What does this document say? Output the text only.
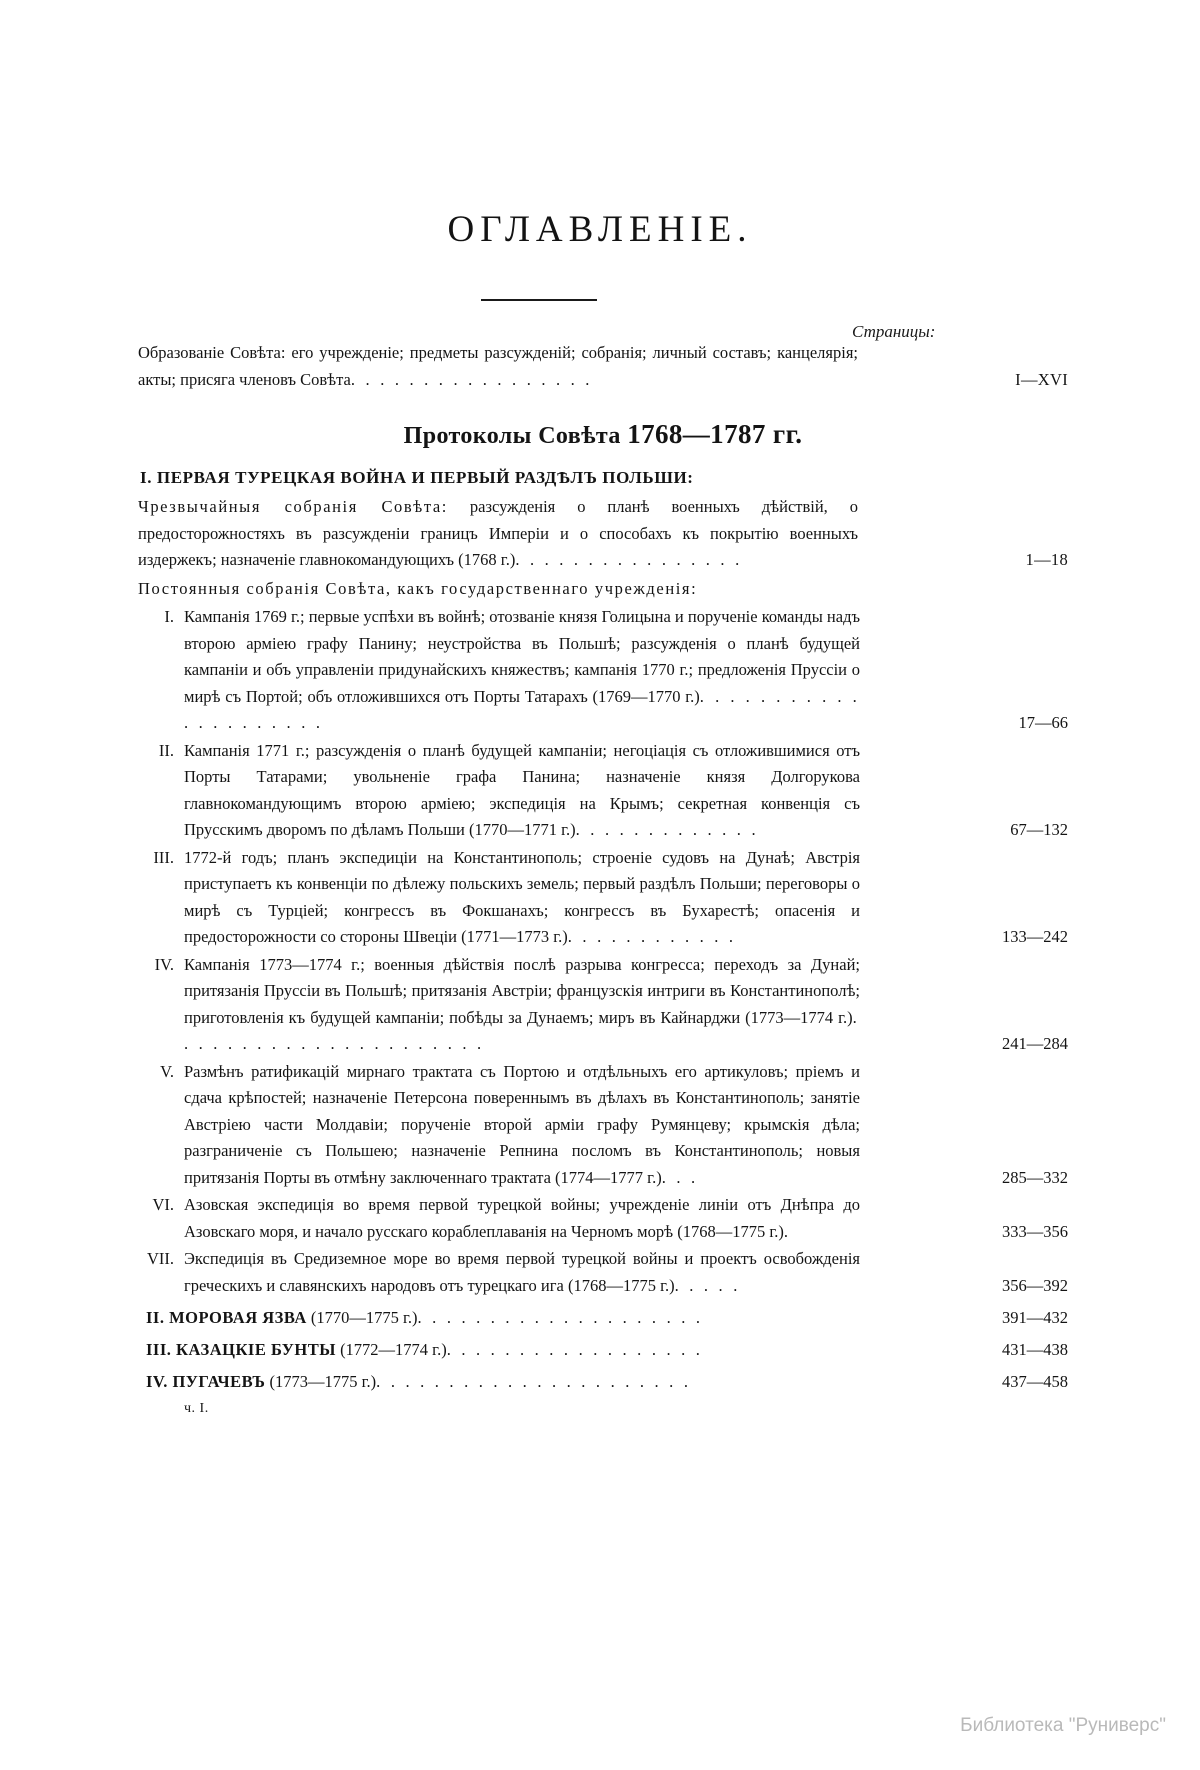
ОГЛАВЛЕНІЕ.
Страницы:
Образованіе Совѣта: его учрежденіе; предметы разсужденій; собранія; личный составъ; канцелярія; акты; присяга членовъ Совѣта. . . . . . . . . . . . . . . . .	I—XVI
Протоколы Совѣта 1768—1787 гг.
I. ПЕРВАЯ ТУРЕЦКАЯ ВОЙНА И ПЕРВЫЙ РАЗДѢЛЪ ПОЛЬШИ:
Чрезвычайныя собранія Совѣта: разсужденія о планѣ военныхъ дѣйствій, о предосторожностяхъ въ разсужденіи границъ Имперіи и о способахъ къ покрытію военныхъ издержекъ; назначеніе главнокомандующихъ (1768 г.). . . . . . . . . . . . . . . .	1—18
Постоянныя собранія Совѣта, какъ государственнаго учрежденія:
I. Кампанія 1769 г.; первые успѣхи въ войнѣ; отозваніе князя Голицына и порученіе команды надъ второю арміею графу Панину; неустройства въ Польшѣ; разсужденія о планѣ будущей кампаніи и объ управленіи придунайскихъ княжествъ; кампанія 1770 г.; предложенія Пруссіи о мирѣ съ Портой; объ отложившихся отъ Порты Татарахъ (1769—1770 г.). . . . . . . . . . . . . . . . . . . . .	17—66
II. Кампанія 1771 г.; разсужденія о планѣ будущей кампаніи; негоціація съ отложившимися отъ Порты Татарами; увольненіе графа Панина; назначеніе князя Долгорукова главнокомандующимъ второю арміею; экспедиція на Крымъ; секретная конвенція съ Прусскимъ дворомъ по дѣламъ Польши (1770—1771 г.). . . . . . . . . . . . .	67—132
III. 1772-й годъ; планъ экспедиціи на Константинополь; строеніе судовъ на Дунаѣ; Австрія приступаетъ къ конвенціи по дѣлежу польскихъ земель; первый раздѣлъ Польши; переговоры о мирѣ съ Турціей; конгрессъ въ Фокшанахъ; конгрессъ въ Бухарестѣ; опасенія и предосторожности со стороны Швеціи (1771—1773 г.). . . . . . . . . . . .	133—242
IV. Кампанія 1773—1774 г.; военныя дѣйствія послѣ разрыва конгресса; переходъ за Дунай; притязанія Пруссіи въ Польшѣ; притязанія Австріи; французскія интриги въ Константинополѣ; приготовленія къ будущей кампаніи; побѣды за Дунаемъ; миръ въ Кайнарджи (1773—1774 г.). . . . . . . . . . . . . . . . . . . . . .	241—284
V. Размѣнъ ратификацій мирнаго трактата съ Портою и отдѣльныхъ его артикуловъ; пріемъ и сдача крѣпостей; назначеніе Петерсона повереннымъ въ дѣлахъ въ Константинополь; занятіе Австріею части Молдавіи; порученіе второй арміи графу Румянцеву; крымскія дѣла; разграниченіе съ Польшею; назначеніе Репнина посломъ въ Константинополь; новыя притязанія Порты въ отмѣну заключеннаго трактата (1774—1777 г.). . .	285—332
VI. Азовская экспедиція во время первой турецкой войны; учрежденіе линіи отъ Днѣпра до Азовскаго моря, и начало русскаго кораблеплаванія на Черномъ морѣ (1768—1775 г.).	333—356
VII. Экспедиція въ Средиземное море во время первой турецкой войны и проектъ освобожденія греческихъ и славянскихъ народовъ отъ турецкаго ига (1768—1775 г.). . . . .	356—392
II. МОРОВАЯ ЯЗВА (1770—1775 г.). . . . . . . . . . . . . . . . . . . .	391—432
III. КАЗАЦКІЕ БУНТЫ (1772—1774 г.). . . . . . . . . . . . . . . . . .	431—438
IV. ПУГАЧЕВЪ (1773—1775 г.). . . . . . . . . . . . . . . . . . . . . .	437—458
ч. I.
Библиотека "Руниверс"
